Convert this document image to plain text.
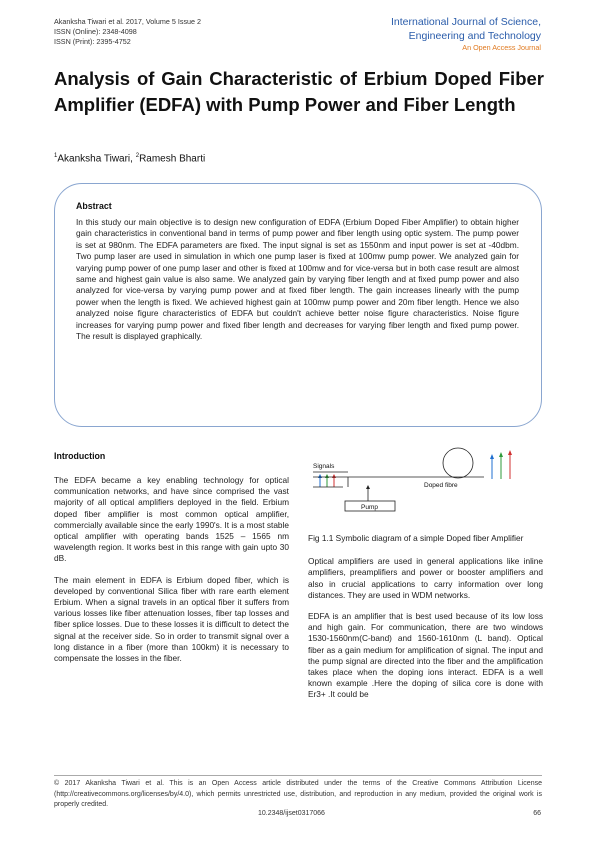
Akanksha Tiwari et al. 2017, Volume 5 Issue 2
ISSN (Online): 2348-4098
ISSN (Print): 2395-4752
International Journal of Science,
Engineering and Technology
An Open Access Journal
Analysis of Gain Characteristic of Erbium Doped Fiber Amplifier (EDFA) with Pump Power and Fiber Length
$^1$Akanksha Tiwari, $^2$Ramesh Bharti
Abstract

In this study our main objective is to design new configuration of EDFA (Erbium Doped Fiber Amplifier) to obtain higher gain characteristics in conventional band in terms of pump power and fiber length using optic system. The pump power is set at 980nm. The EDFA parameters are fixed. The input signal is set as 1550nm and input power is set at -40dbm. Two pump laser are used in simulation in which one pump laser is fixed at 100mw pump power. We analyzed gain for varying pump power of one pump laser and other is fixed at 100mw and for vice-versa but in both case result are almost same and highest gain value is also same. We analyzed gain by varying fiber length and at fixed pump power and also analyzed for vice-versa by varying pump power and at fixed fiber length. The gain increases linearly with the pump power when the length is fixed. We achieved highest gain at 100mw pump power and 20m fiber length. Hence we also analyzed noise figure characteristics of EDFA but couldn't achieve better noise figure characteristics. Noise figure increases for varying pump power and fixed fiber length and decreases for varying fiber length and fixed pump power. The result is displayed graphically.

Introduction

The EDFA became a key enabling technology for optical communication networks, and have since comprised the vast majority of all optical amplifiers deployed in the field. Erbium doped fiber amplifier is most common optical amplifier, commercially available since the early 1990's. It is a most stable optical amplifier with operating bands 1525 – 1565 nm wavelength region. It works best in this range with gain upto 30 dB.

The main element in EDFA is Erbium doped fiber, which is developed by conventional Silica fiber with rare earth element Erbium. When a signal travels in an optical fiber it suffers from various losses like fiber attenuation losses, fiber tap losses and fiber splice losses. Due to these losses it is difficult to detect the signal at the receiver side. So in order to transmit signal over a long distance in a fiber (more than 100km) it is necessary to compensate the losses in the fiber.

Signals
Doped fibre
Pump

Fig 1.1 Symbolic diagram of a simple Doped fiber Amplifier

Optical amplifiers are used in general applications like inline amplifiers, preamplifiers and power or booster amplifiers and also in crucial applications to carry information over long distances. They are used in WDM networks.

EDFA is an amplifier that is best used because of its low loss and high gain. For communication, there are two windows 1530-1560nm(C-band) and 1560-1610nm (L band). Optical fiber as a gain medium for amplification of signal. The input and the pump signal are directed into the fiber and the amplification takes place when the doping ions interact. EDFA is a well known example .Here the doping of silica core is done with Er3+ .It could be

© 2017 Akanksha Tiwari et al. This is an Open Access article distributed under the terms of the Creative Commons Attribution License (http://creativecommons.org/licenses/by/4.0), which permits unrestricted use, distribution, and reproduction in any medium, provided the original work is properly credited.
10.2348/ijset0317066	66
